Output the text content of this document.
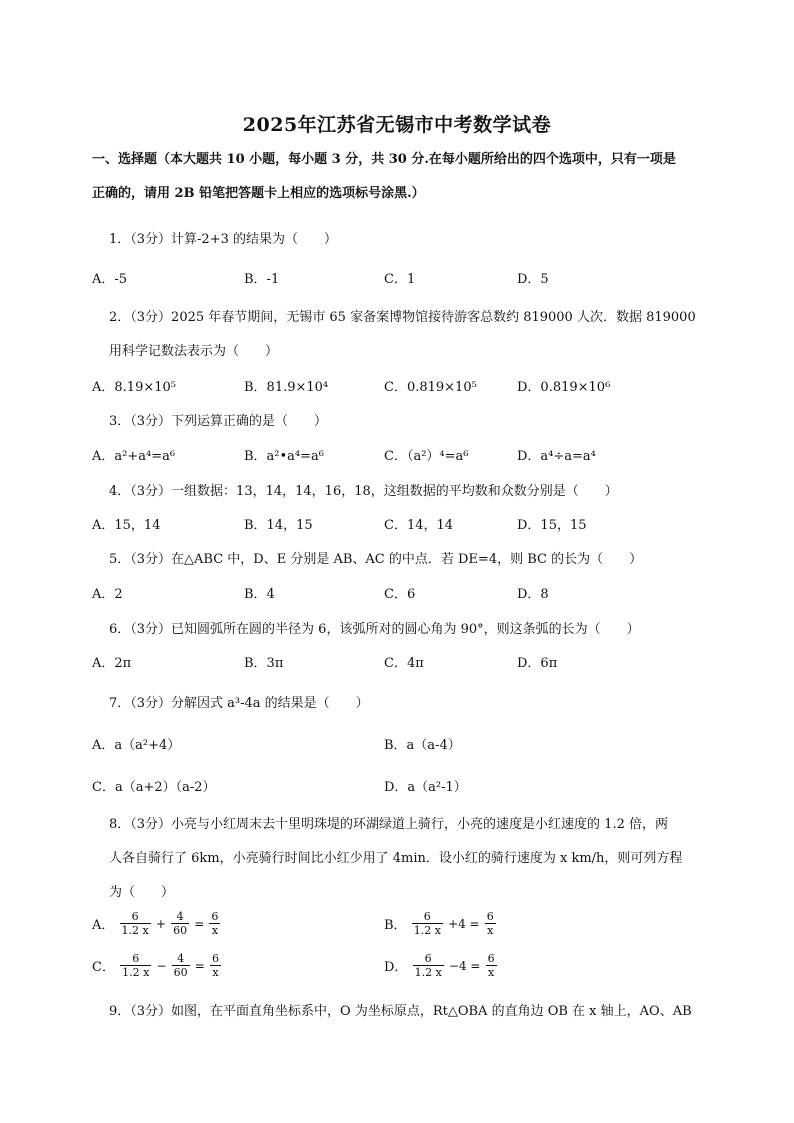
2025年江苏省无锡市中考数学试卷
一、选择题（本大题共 10 小题，每小题 3 分，共 30 分.在每小题所给出的四个选项中，只有一项是
正确的，请用 2B 铅笔把答题卡上相应的选项标号涂黑.）
1．（3分）计算-2+3 的结果为（　　）
A．-5	B．-1	C．1	D．5
2．（3分）2025 年春节期间，无锡市 65 家备案博物馆接待游客总数约 819000 人次．数据 819000
用科学记数法表示为（　　）
A．8.19×10⁵	B．81.9×10⁴	C．0.819×10⁵	D．0.819×10⁶
3．（3分）下列运算正确的是（　　）
A．a²+a⁴=a⁶	B．a²•a⁴=a⁶	C．（a²）⁴=a⁶	D．a⁴÷a=a⁴
4．（3分）一组数据：13，14，14，16，18，这组数据的平均数和众数分别是（　　）
A．15，14	B．14，15	C．14，14	D．15，15
5．（3分）在△ABC 中，D、E 分别是 AB、AC 的中点．若 DE=4，则 BC 的长为（　　）
A．2	B．4	C．6	D．8
6．（3分）已知圆弧所在圆的半径为 6，该弧所对的圆心角为 90°，则这条弧的长为（　　）
A．2π	B．3π	C．4π	D．6π
7．（3分）分解因式 a³-4a 的结果是（　　）
A．a（a²+4）	B．a（a-4）
C．a（a+2）（a-2）	D．a（a²-1）
8．（3分）小亮与小红周末去十里明珠堤的环湖绿道上骑行，小亮的速度是小红速度的 1.2 倍，两
人各自骑行了 6km，小亮骑行时间比小红少用了 4min．设小红的骑行速度为 x km/h，则可列方程
为（　　）
A． $\frac{6}{1.2 x} + \frac{4}{60} = \frac{6}{x}$	B． $\frac{6}{1.2 x} +4 = \frac{6}{x}$
C． $\frac{6}{1.2 x} - \frac{4}{60} = \frac{6}{x}$	D． $\frac{6}{1.2 x} -4 = \frac{6}{x}$
9．（3分）如图，在平面直角坐标系中，O 为坐标原点，Rt△OBA 的直角边 OB 在 x 轴上，AO、AB
